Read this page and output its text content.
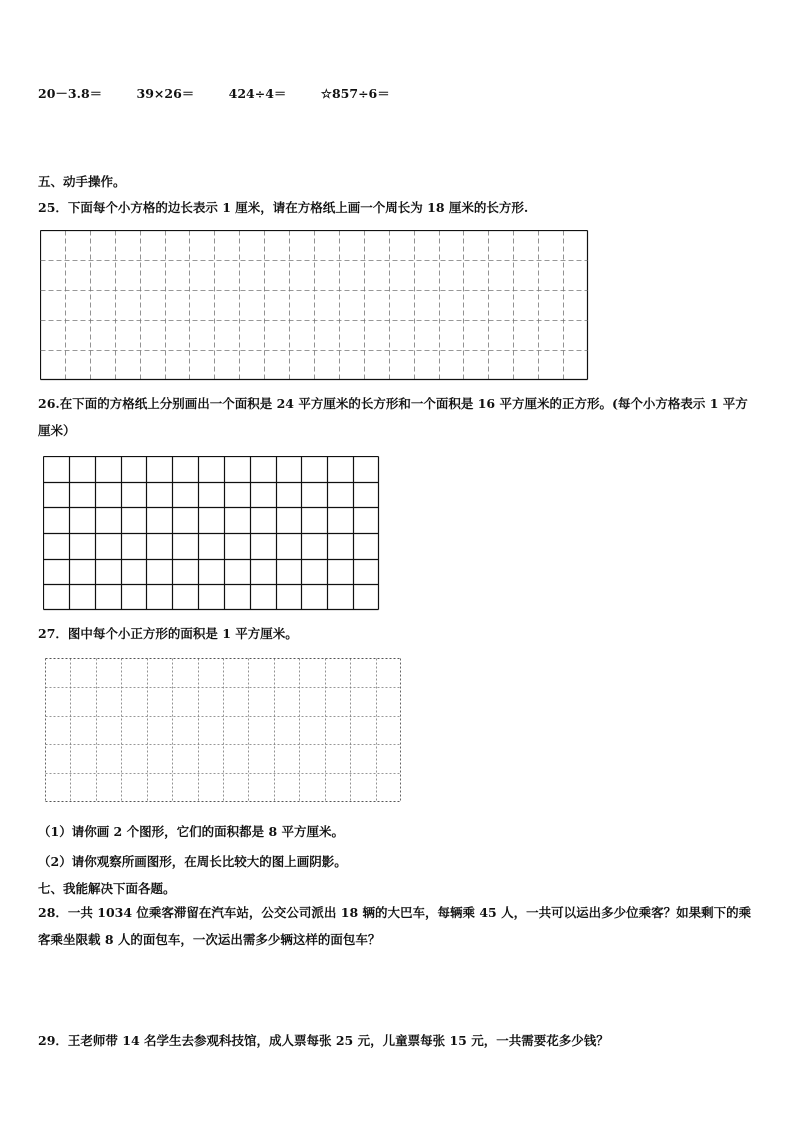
20－3.8＝	39×26＝	424÷4＝	☆857÷6＝
五、动手操作。
25．下面每个小方格的边长表示 1 厘米，请在方格纸上画一个周长为 18 厘米的长方形.
26.在下面的方格纸上分别画出一个面积是 24 平方厘米的长方形和一个面积是 16 平方厘米的正方形。(每个小方格表示 1 平方厘米）
27．图中每个小正方形的面积是 1 平方厘米。
（1）请你画 2 个图形，它们的面积都是 8 平方厘米。
（2）请你观察所画图形，在周长比较大的图上画阴影。
七、我能解决下面各题。
28．一共 1034 位乘客滞留在汽车站，公交公司派出 18 辆的大巴车，每辆乘 45 人，一共可以运出多少位乘客？如果剩下的乘客乘坐限载 8 人的面包车，一次运出需多少辆这样的面包车？
29．王老师带 14 名学生去参观科技馆，成人票每张 25 元，儿童票每张 15 元，一共需要花多少钱？
